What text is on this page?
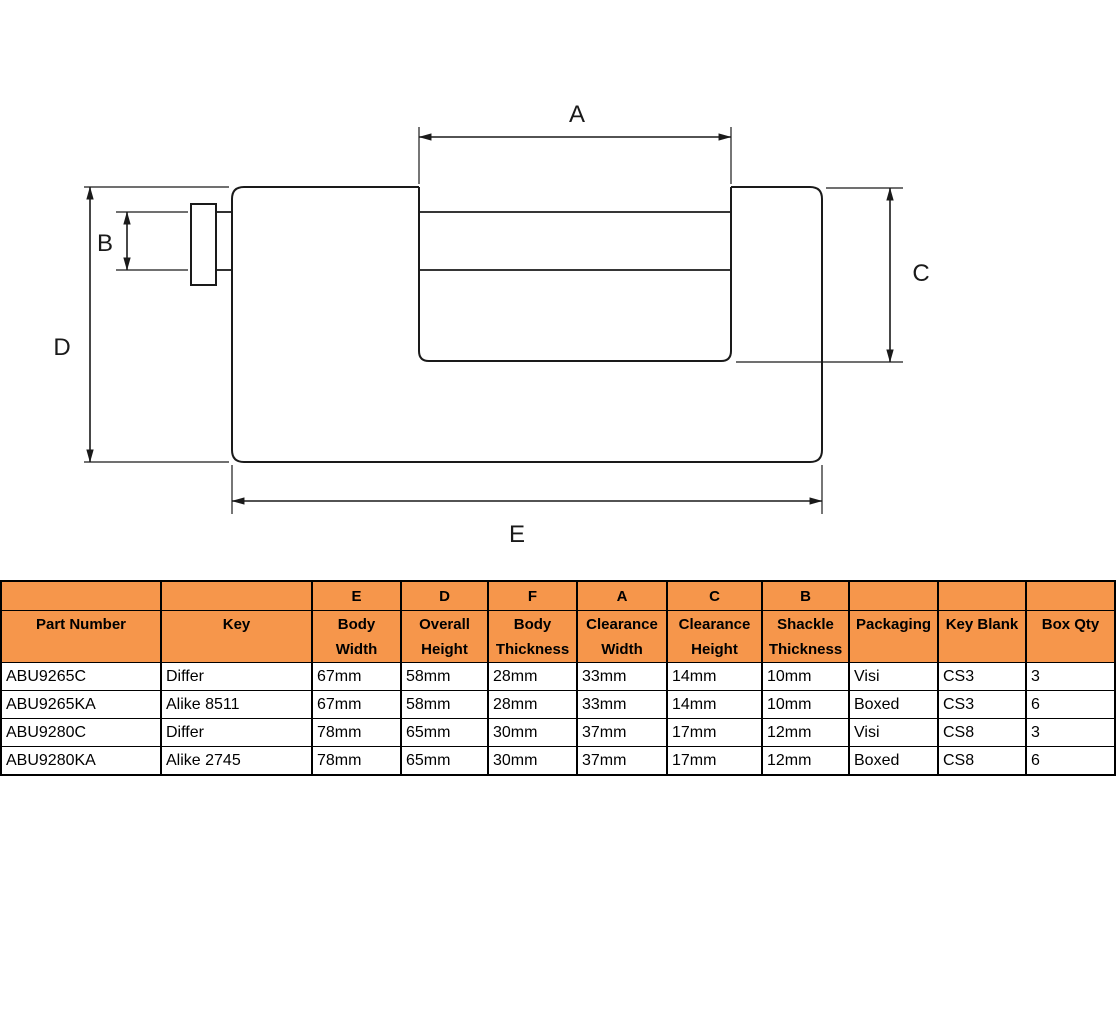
A
B
C
D
E
		E	D	F	A	C	B			
Part Number	Key	Body Width	Overall Height	Body Thickness	Clearance Width	Clearance Height	Shackle Thickness	Packaging	Key Blank	Box Qty
ABU9265C	Differ	67mm	58mm	28mm	33mm	14mm	10mm	Visi	CS3	3
ABU9265KA	Alike 8511	67mm	58mm	28mm	33mm	14mm	10mm	Boxed	CS3	6
ABU9280C	Differ	78mm	65mm	30mm	37mm	17mm	12mm	Visi	CS8	3
ABU9280KA	Alike 2745	78mm	65mm	30mm	37mm	17mm	12mm	Boxed	CS8	6
